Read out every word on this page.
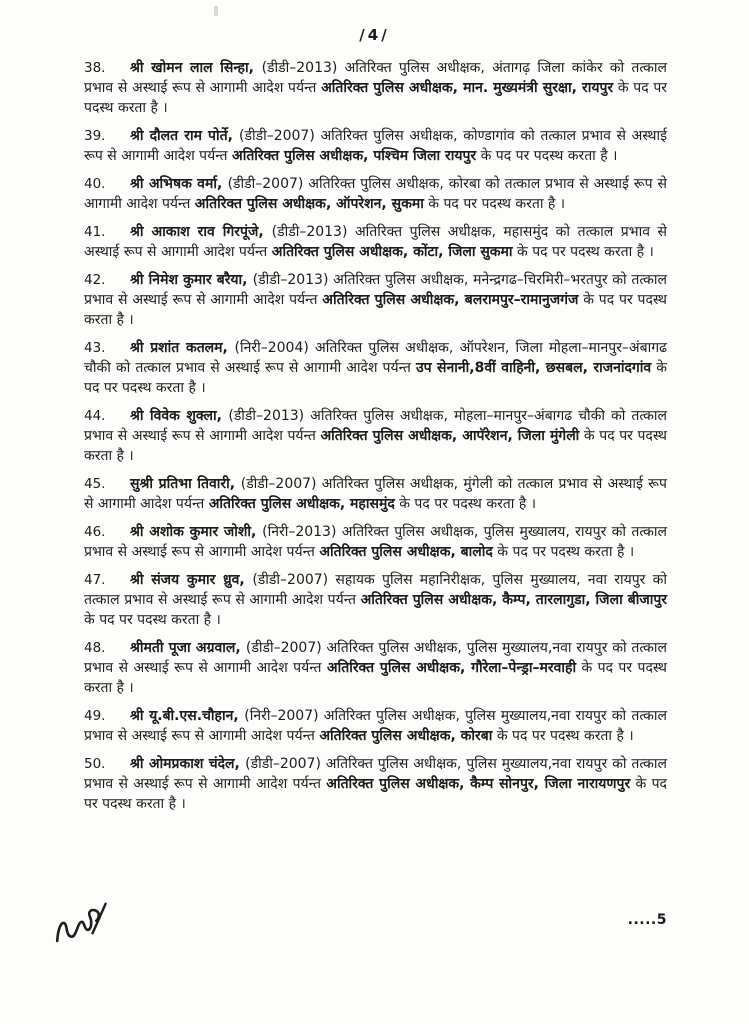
/4/

38. श्री खोमन लाल सिन्हा, (डीडी–2013) अतिरिक्त पुलिस अधीक्षक, अंतागढ़ जिला कांकेर को तत्काल प्रभाव से अस्थाई रूप से आगामी आदेश पर्यन्त अतिरिक्त पुलिस अधीक्षक, मान. मुख्यमंत्री सुरक्षा, रायपुर के पद पर पदस्थ करता है ।

39. श्री दौलत राम पोर्ते, (डीडी–2007) अतिरिक्त पुलिस अधीक्षक, कोण्डागांव को तत्काल प्रभाव से अस्थाई रूप से आगामी आदेश पर्यन्त अतिरिक्त पुलिस अधीक्षक, पश्चिम जिला रायपुर के पद पर पदस्थ करता है ।

40. श्री अभिषक वर्मा, (डीडी–2007) अतिरिक्त पुलिस अधीक्षक, कोरबा को तत्काल प्रभाव से अस्थाई रूप से आगामी आदेश पर्यन्त अतिरिक्त पुलिस अधीक्षक, ऑपरेशन, सुकमा के पद पर पदस्थ करता है ।

41. श्री आकाश राव गिरपूंजे, (डीडी–2013) अतिरिक्त पुलिस अधीक्षक, महासमुंद को तत्काल प्रभाव से अस्थाई रूप से आगामी आदेश पर्यन्त अतिरिक्त पुलिस अधीक्षक, कोंटा, जिला सुकमा के पद पर पदस्थ करता है ।

42. श्री निमेश कुमार बरैया, (डीडी–2013) अतिरिक्त पुलिस अधीक्षक, मनेन्द्रगढ–चिरमिरी–भरतपुर को तत्काल प्रभाव से अस्थाई रूप से आगामी आदेश पर्यन्त अतिरिक्त पुलिस अधीक्षक, बलरामपुर–रामानुजगंज के पद पर पदस्थ करता है ।

43. श्री प्रशांत कतलम, (निरी–2004) अतिरिक्त पुलिस अधीक्षक, ऑपरेशन, जिला मोहला–मानपुर–अंबागढ चौकी को तत्काल प्रभाव से अस्थाई रूप से आगामी आदेश पर्यन्त उप सेनानी,8वीं वाहिनी, छसबल, राजनांदगांव के पद पर पदस्थ करता है ।

44. श्री विवेक शुक्ला, (डीडी–2013) अतिरिक्त पुलिस अधीक्षक, मोहला–मानपुर–अंबागढ चौकी को तत्काल प्रभाव से अस्थाई रूप से आगामी आदेश पर्यन्त अतिरिक्त पुलिस अधीक्षक, आपॅरेशन, जिला मुंगेली के पद पर पदस्थ करता है ।

45. सुश्री प्रतिभा तिवारी, (डीडी–2007) अतिरिक्त पुलिस अधीक्षक, मुंगेली को तत्काल प्रभाव से अस्थाई रूप से आगामी आदेश पर्यन्त अतिरिक्त पुलिस अधीक्षक, महासमुंद के पद पर पदस्थ करता है ।

46. श्री अशोक कुमार जोशी, (निरी–2013) अतिरिक्त पुलिस अधीक्षक, पुलिस मुख्यालय, रायपुर को तत्काल प्रभाव से अस्थाई रूप से आगामी आदेश पर्यन्त अतिरिक्त पुलिस अधीक्षक, बालोद के पद पर पदस्थ करता है ।

47. श्री संजय कुमार ध्रुव, (डीडी–2007) सहायक पुलिस महानिरीक्षक, पुलिस मुख्यालय, नवा रायपुर को तत्काल प्रभाव से अस्थाई रूप से आगामी आदेश पर्यन्त अतिरिक्त पुलिस अधीक्षक, कैम्प, तारलागुडा, जिला बीजापुर के पद पर पदस्थ करता है ।

48. श्रीमती पूजा अग्रवाल, (डीडी–2007) अतिरिक्त पुलिस अधीक्षक, पुलिस मुख्यालय,नवा रायपुर को तत्काल प्रभाव से अस्थाई रूप से आगामी आदेश पर्यन्त अतिरिक्त पुलिस अधीक्षक, गौरेला–पेन्ड्रा–मरवाही के पद पर पदस्थ करता है ।

49. श्री यू.बी.एस.चौहान, (निरी–2007) अतिरिक्त पुलिस अधीक्षक, पुलिस मुख्यालय,नवा रायपुर को तत्काल प्रभाव से अस्थाई रूप से आगामी आदेश पर्यन्त अतिरिक्त पुलिस अधीक्षक, कोरबा के पद पर पदस्थ करता है ।

50. श्री ओमप्रकाश चंदेल, (डीडी–2007) अतिरिक्त पुलिस अधीक्षक, पुलिस मुख्यालय,नवा रायपुर को तत्काल प्रभाव से अस्थाई रूप से आगामी आदेश पर्यन्त अतिरिक्त पुलिस अधीक्षक, कैम्प सोनपुर, जिला नारायणपुर के पद पर पदस्थ करता है ।

.....5
